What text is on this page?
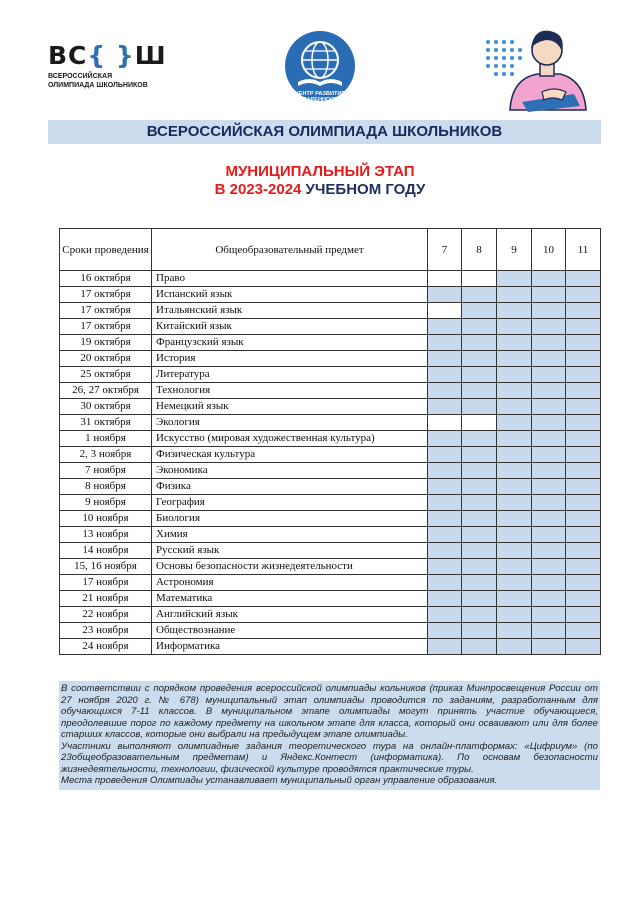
ВС{ }Ш
ВСЕРОССИЙСКАЯ ОЛИМПИАДА ШКОЛЬНИКОВ
ЦЕНТР РАЗВИТИЯ
ОДАРЕННОСТИ
ВСЕРОССИЙСКАЯ ОЛИМПИАДА ШКОЛЬНИКОВ
МУНИЦИПАЛЬНЫЙ ЭТАП
В 2023-2024 УЧЕБНОМ ГОДУ
Сроки проведения	Общеобразовательный предмет	7	8	9	10	11
16 октября	Право					
17 октября	Испанский язык					
17 октября	Итальянский язык					
17 октября	Китайский язык					
19 октября	Французский язык					
20 октября	История					
25 октября	Литература					
26, 27 октября	Технология					
30 октября	Немецкий язык					
31 октября	Экология					
1 ноября	Искусство (мировая художественная культура)					
2, 3 ноября	Физическая культура					
7 ноября	Экономика					
8 ноября	Физика					
9 ноября	География					
10 ноября	Биология					
13 ноября	Химия					
14 ноября	Русский язык					
15, 16 ноября	Основы безопасности жизнедеятельности					
17 ноября	Астрономия					
21 ноября	Математика					
22 ноября	Английский язык					
23 ноября	Обществознание					
24 ноября	Информатика					

В соответствии с порядком проведения всероссийской олимпиады кольников (приказ Минпросвещения России от 27 ноября 2020 г. № 678) муниципальный этап олимпиады проводится по заданиям, разработанным для обучающихся 7-11 классов. В муниципальном этапе олимпиады могут принять участие обучающиеся, преодолевшие порог по каждому предмету на школьном этапе для класса, который они осваивают или для более старших классов, которые они выбрали на предыдущем этапе олимпиады.

Участники выполняют олимпиадные задания теоретического тура на онлайн-платформах: «Цифриум» (по 23общеобразовательным предметам) и Яндекс.Контест (информатика). По основам безопасности жизнедеятельности, технологии, физической культуре проводятся практические туры.

Места проведения Олимпиады устанавливает муниципальный орган управление образования.
